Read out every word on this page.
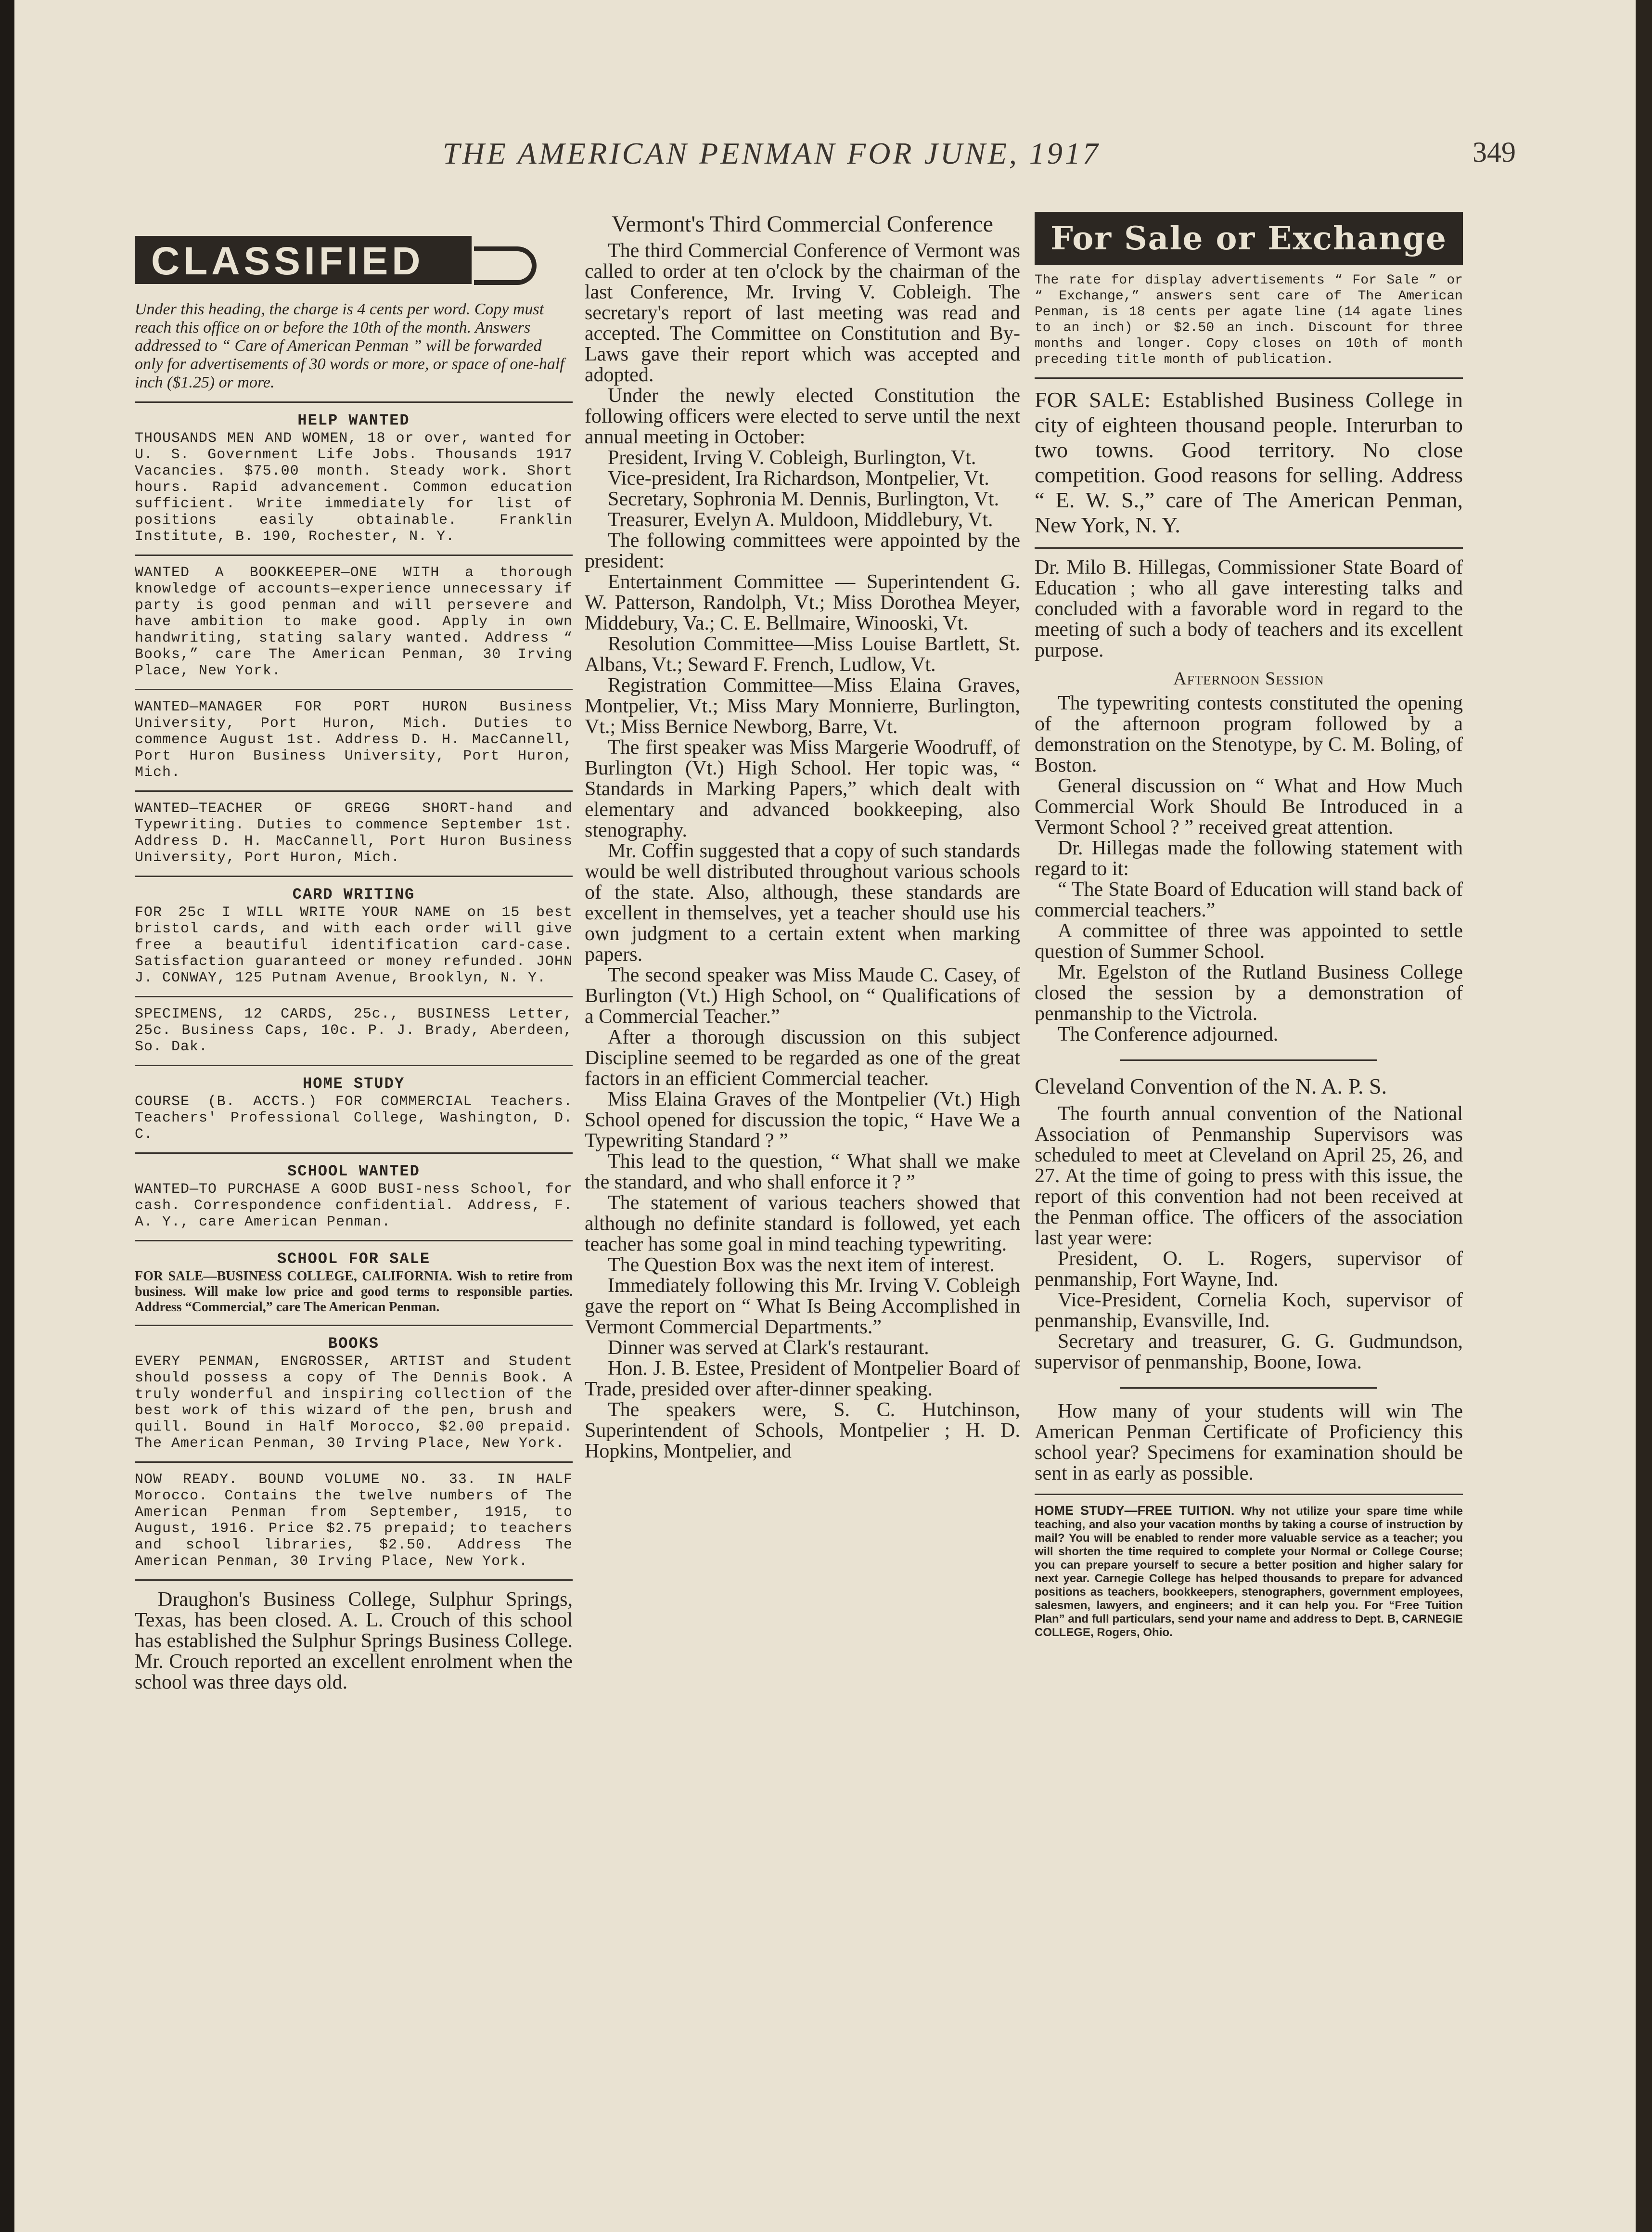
THE AMERICAN PENMAN FOR JUNE, 1917	349
CLASSIFIED
Under this heading, the charge is 4 cents per word. Copy must reach this office on or before the 10th of the month. Answers addressed to “ Care of American Penman ” will be forwarded only for advertisements of 30 words or more, or space of one-half inch ($1.25) or more.
HELP WANTED
THOUSANDS MEN AND WOMEN, 18 or over, wanted for U. S. Government Life Jobs. Thousands 1917 Vacancies. $75.00 month. Steady work. Short hours. Rapid advancement. Common education sufficient. Write immediately for list of positions easily obtainable. Franklin Institute, B. 190, Rochester, N. Y.
WANTED A BOOKKEEPER—ONE WITH a thorough knowledge of accounts—experience unnecessary if party is good penman and will persevere and have ambition to make good. Apply in own handwriting, stating salary wanted. Address “ Books,” care The American Penman, 30 Irving Place, New York.
WANTED—MANAGER FOR PORT HURON Business University, Port Huron, Mich. Duties to commence August 1st. Address D. H. MacCannell, Port Huron Business University, Port Huron, Mich.
WANTED—TEACHER OF GREGG SHORT-hand and Typewriting. Duties to commence September 1st. Address D. H. MacCannell, Port Huron Business University, Port Huron, Mich.
CARD WRITING
FOR 25c I WILL WRITE YOUR NAME on 15 best bristol cards, and with each order will give free a beautiful identification card-case. Satisfaction guaranteed or money refunded. JOHN J. CONWAY, 125 Putnam Avenue, Brooklyn, N. Y.
SPECIMENS, 12 CARDS, 25c., BUSINESS Letter, 25c. Business Caps, 10c. P. J. Brady, Aberdeen, So. Dak.
HOME STUDY
COURSE (B. ACCTS.) FOR COMMERCIAL Teachers. Teachers' Professional College, Washington, D. C.
SCHOOL WANTED
WANTED—TO PURCHASE A GOOD BUSI-ness School, for cash. Correspondence confidential. Address, F. A. Y., care American Penman.
SCHOOL FOR SALE
FOR SALE—BUSINESS COLLEGE, CALIFORNIA. Wish to retire from business. Will make low price and good terms to responsible parties. Address “Commercial,” care The American Penman.
BOOKS
EVERY PENMAN, ENGROSSER, ARTIST and Student should possess a copy of The Dennis Book. A truly wonderful and inspiring collection of the best work of this wizard of the pen, brush and quill. Bound in Half Morocco, $2.00 prepaid. The American Penman, 30 Irving Place, New York.
NOW READY. BOUND VOLUME NO. 33. IN HALF Morocco. Contains the twelve numbers of The American Penman from September, 1915, to August, 1916. Price $2.75 prepaid; to teachers and school libraries, $2.50. Address The American Penman, 30 Irving Place, New York.

Draughon's Business College, Sulphur Springs, Texas, has been closed. A. L. Crouch of this school has established the Sulphur Springs Business College. Mr. Crouch reported an excellent enrolment when the school was three days old.

Vermont's Third Commercial Conference

The third Commercial Conference of Vermont was called to order at ten o'clock by the chairman of the last Conference, Mr. Irving V. Cobleigh. The secretary's report of last meeting was read and accepted. The Committee on Constitution and By-Laws gave their report which was accepted and adopted.

Under the newly elected Constitution the following officers were elected to serve until the next annual meeting in October:

President, Irving V. Cobleigh, Burlington, Vt.

Vice-president, Ira Richardson, Montpelier, Vt.

Secretary, Sophronia M. Dennis, Burlington, Vt.

Treasurer, Evelyn A. Muldoon, Middlebury, Vt.

The following committees were appointed by the president:

Entertainment Committee — Superintendent G. W. Patterson, Randolph, Vt.; Miss Dorothea Meyer, Middebury, Va.; C. E. Bellmaire, Winooski, Vt.

Resolution Committee—Miss Louise Bartlett, St. Albans, Vt.; Seward F. French, Ludlow, Vt.

Registration Committee—Miss Elaina Graves, Montpelier, Vt.; Miss Mary Monnierre, Burlington, Vt.; Miss Bernice Newborg, Barre, Vt.

The first speaker was Miss Margerie Woodruff, of Burlington (Vt.) High School. Her topic was, “ Standards in Marking Papers,” which dealt with elementary and advanced bookkeeping, also stenography.

Mr. Coffin suggested that a copy of such standards would be well distributed throughout various schools of the state. Also, although, these standards are excellent in themselves, yet a teacher should use his own judgment to a certain extent when marking papers.

The second speaker was Miss Maude C. Casey, of Burlington (Vt.) High School, on “ Qualifications of a Commercial Teacher.”

After a thorough discussion on this subject Discipline seemed to be regarded as one of the great factors in an efficient Commercial teacher.

Miss Elaina Graves of the Montpelier (Vt.) High School opened for discussion the topic, “ Have We a Typewriting Standard ? ”

This lead to the question, “ What shall we make the standard, and who shall enforce it ? ”

The statement of various teachers showed that although no definite standard is followed, yet each teacher has some goal in mind teaching typewriting.

The Question Box was the next item of interest.

Immediately following this Mr. Irving V. Cobleigh gave the report on “ What Is Being Accomplished in Vermont Commercial Departments.”

Dinner was served at Clark's restaurant.

Hon. J. B. Estee, President of Montpelier Board of Trade, presided over after-dinner speaking.

The speakers were, S. C. Hutchinson, Superintendent of Schools, Montpelier ; H. D. Hopkins, Montpelier, and

For Sale or Exchange
The rate for display advertisements “ For Sale ” or “ Exchange,” answers sent care of The American Penman, is 18 cents per agate line (14 agate lines to an inch) or $2.50 an inch. Discount for three months and longer. Copy closes on 10th of month preceding title month of publication.

FOR SALE: Established Business College in city of eighteen thousand people. Interurban to two towns. Good territory. No close competition. Good reasons for selling. Address “ E. W. S.,” care of The American Penman, New York, N. Y.

Dr. Milo B. Hillegas, Commissioner State Board of Education ; who all gave interesting talks and concluded with a favorable word in regard to the meeting of such a body of teachers and its excellent purpose.

Afternoon Session

The typewriting contests constituted the opening of the afternoon program followed by a demonstration on the Stenotype, by C. M. Boling, of Boston.

General discussion on “ What and How Much Commercial Work Should Be Introduced in a Vermont School ? ” received great attention.

Dr. Hillegas made the following statement with regard to it:

“ The State Board of Education will stand back of commercial teachers.”

A committee of three was appointed to settle question of Summer School.

Mr. Egelston of the Rutland Business College closed the session by a demonstration of penmanship to the Victrola.

The Conference adjourned.

Cleveland Convention of the N. A. P. S.

The fourth annual convention of the National Association of Penmanship Supervisors was scheduled to meet at Cleveland on April 25, 26, and 27. At the time of going to press with this issue, the report of this convention had not been received at the Penman office. The officers of the association last year were:

President, O. L. Rogers, supervisor of penmanship, Fort Wayne, Ind.

Vice-President, Cornelia Koch, supervisor of penmanship, Evansville, Ind.

Secretary and treasurer, G. G. Gudmundson, supervisor of penmanship, Boone, Iowa.

How many of your students will win The American Penman Certificate of Proficiency this school year? Specimens for examination should be sent in as early as possible.

HOME STUDY—FREE TUITION. Why not utilize your spare time while teaching, and also your vacation months by taking a course of instruction by mail? You will be enabled to render more valuable service as a teacher; you will shorten the time required to complete your Normal or College Course; you can prepare yourself to secure a better position and higher salary for next year. Carnegie College has helped thousands to prepare for advanced positions as teachers, bookkeepers, stenographers, government employees, salesmen, lawyers, and engineers; and it can help you. For “Free Tuition Plan” and full particulars, send your name and address to Dept. B, CARNEGIE COLLEGE, Rogers, Ohio.
